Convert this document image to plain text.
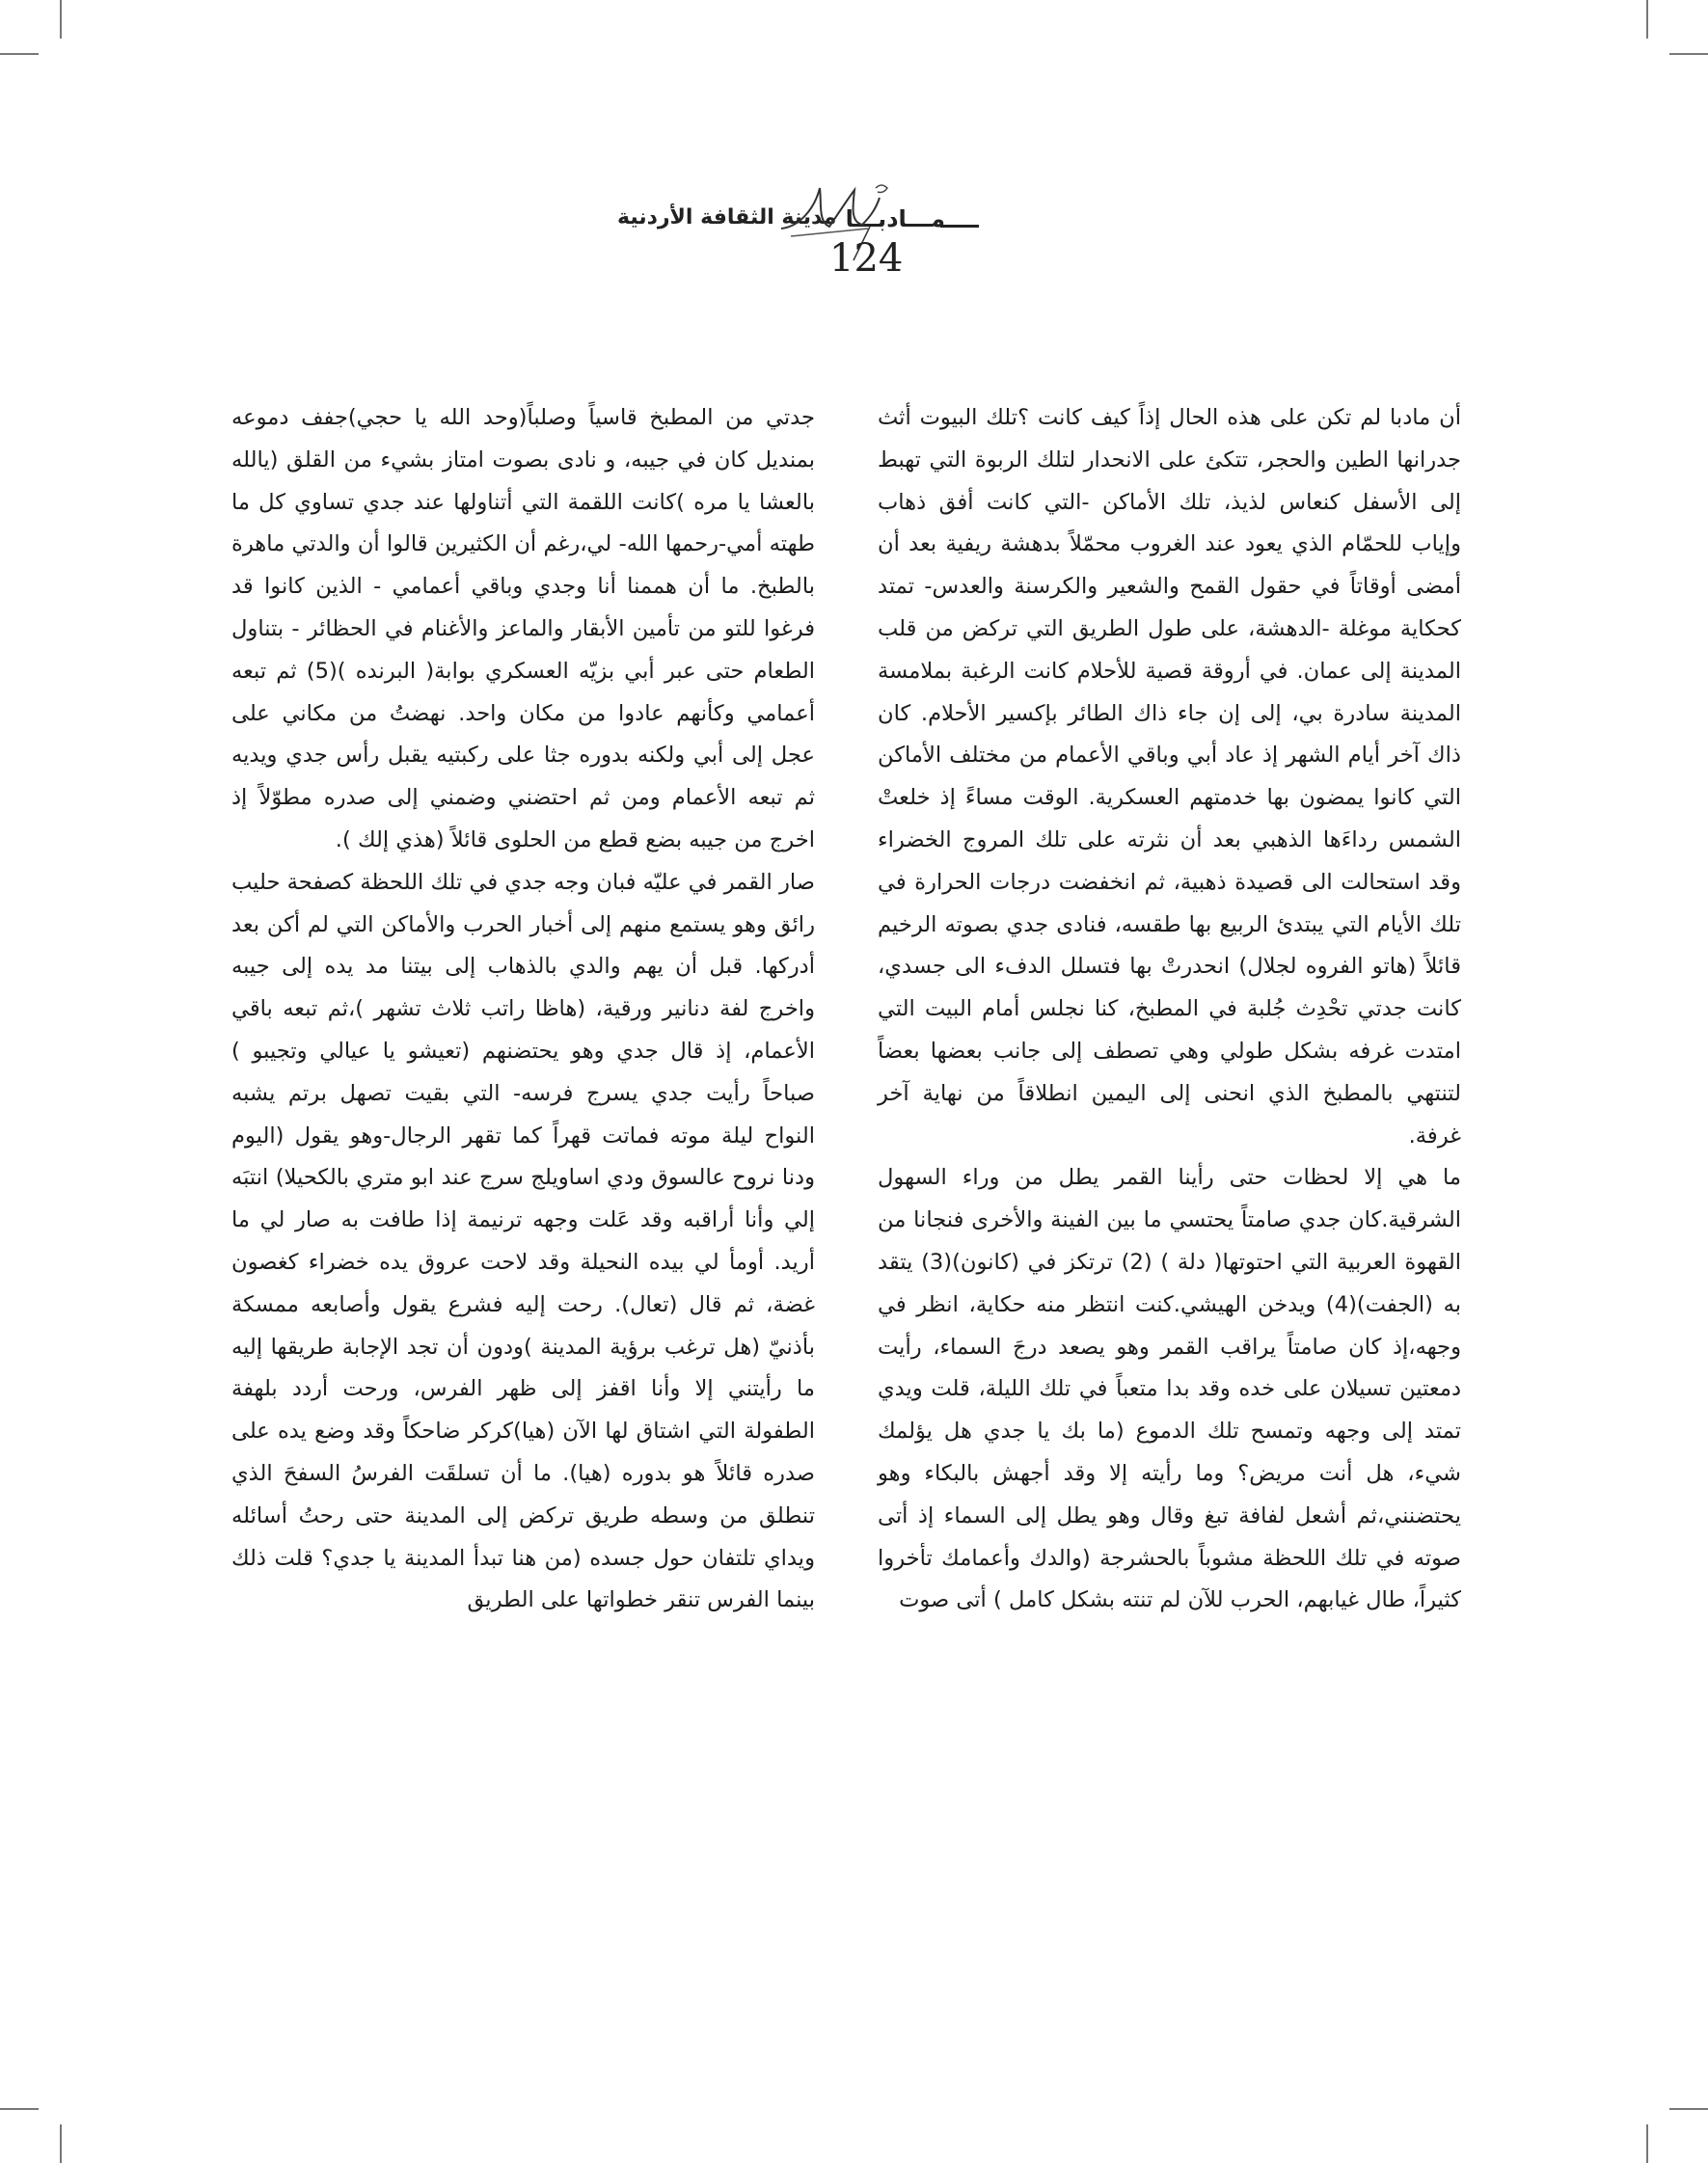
مـــادبـــا
مدينة الثقافة الأردنية
124

أن مادبا لم تكن على هذه الحال إذاً كيف كانت ؟تلك البيوت أثث جدرانها الطين والحجر، تتكئ على الانحدار لتلك الربوة التي تهبط إلى الأسفل كنعاس لذيذ، تلك الأماكن -التي كانت أفق ذهاب وإياب للحمّام الذي يعود عند الغروب محمّلاً بدهشة ريفية بعد أن أمضى أوقاتاً في حقول القمح والشعير والكرسنة والعدس- تمتد كحكاية موغلة -الدهشة، على طول الطريق التي تركض من قلب المدينة إلى عمان. في أروقة قصية للأحلام كانت الرغبة بملامسة المدينة سادرة بي، إلى إن جاء ذاك الطائر بإكسير الأحلام. كان ذاك آخر أيام الشهر إذ عاد أبي وباقي الأعمام من مختلف الأماكن التي كانوا يمضون بها خدمتهم العسكرية. الوقت مساءً إذ خلعتْ الشمس رداءَها الذهبي بعد أن نثرته على تلك المروج الخضراء وقد استحالت الى قصيدة ذهبية، ثم انخفضت درجات الحرارة في تلك الأيام التي يبتدئ الربيع بها طقسه، فنادى جدي بصوته الرخيم قائلاً (هاتو الفروه لجلال) انحدرتْ بها فتسلل الدفء الى جسدي، كانت جدتي تحْدِث جُلبة في المطبخ، كنا نجلس أمام البيت التي امتدت غرفه بشكل طولي وهي تصطف إلى جانب بعضها بعضاً لتنتهي بالمطبخ الذي انحنى إلى اليمين انطلاقاً من نهاية آخر غرفة.

ما هي إلا لحظات حتى رأينا القمر يطل من وراء السهول الشرقية.كان جدي صامتاً يحتسي ما بين الفينة والأخرى فنجانا من القهوة العربية التي احتوتها( دلة ) (2) ترتكز في (كانون)(3) يتقد به (الجفت)(4) ويدخن الهيشي.كنت انتظر منه حكاية، انظر في وجهه،إذ كان صامتاً يراقب القمر وهو يصعد درجَ السماء، رأيت دمعتين تسيلان على خده وقد بدا متعباً في تلك الليلة، قلت ويدي تمتد إلى وجهه وتمسح تلك الدموع (ما بك يا جدي هل يؤلمك شيء، هل أنت مريض؟ وما رأيته إلا وقد أجهش بالبكاء وهو يحتضنني،ثم أشعل لفافة تبغ وقال وهو يطل إلى السماء إذ أتى صوته في تلك اللحظة مشوباً بالحشرجة (والدك وأعمامك تأخروا كثيراً، طال غيابهم، الحرب للآن لم تنته بشكل كامل ) أتى صوت

جدتي من المطبخ قاسياً وصلباً(وحد الله يا حجي)جفف دموعه بمنديل كان في جيبه، و نادى بصوت امتاز بشيء من القلق (يالله بالعشا يا مره )كانت اللقمة التي أتناولها عند جدي تساوي كل ما طهته أمي-رحمها الله- لي،رغم أن الكثيرين قالوا أن والدتي ماهرة بالطبخ. ما أن هممنا أنا وجدي وباقي أعمامي - الذين كانوا قد فرغوا للتو من تأمين الأبقار والماعز والأغنام في الحظائر - بتناول الطعام حتى عبر أبي بزيّه العسكري بوابة( البرنده )(5) ثم تبعه أعمامي وكأنهم عادوا من مكان واحد. نهضتُ من مكاني على عجل إلى أبي ولكنه بدوره جثا على ركبتيه يقبل رأس جدي ويديه ثم تبعه الأعمام ومن ثم احتضني وضمني إلى صدره مطوّلاً إذ اخرج من جيبه بضع قطع من الحلوى قائلاً (هذي إلك ).

صار القمر في عليّه فبان وجه جدي في تلك اللحظة كصفحة حليب رائق وهو يستمع منهم إلى أخبار الحرب والأماكن التي لم أكن بعد أدركها. قبل أن يهم والدي بالذهاب إلى بيتنا مد يده إلى جيبه واخرج لفة دنانير ورقية، (هاظا راتب ثلاث تشهر )،ثم تبعه باقي الأعمام، إذ قال جدي وهو يحتضنهم (تعيشو يا عيالي وتجيبو ) صباحاً رأيت جدي يسرج فرسه- التي بقيت تصهل برتم يشبه النواح ليلة موته فماتت قهراً كما تقهر الرجال-وهو يقول (اليوم ودنا نروح عالسوق ودي اساويلج سرج عند ابو متري بالكحيلا) انتبَه إلي وأنا أراقبه وقد عَلت وجهه ترنيمة إذا طافت به صار لي ما أريد. أومأ لي بيده النحيلة وقد لاحت عروق يده خضراء كغصون غضة، ثم قال (تعال). رحت إليه فشرع يقول وأصابعه ممسكة بأذنيّ (هل ترغب برؤية المدينة )ودون أن تجد الإجابة طريقها إليه ما رأيتني إلا وأنا اقفز إلى ظهر الفرس، ورحت أردد بلهفة الطفولة التي اشتاق لها الآن (هيا)كركر ضاحكاً وقد وضع يده على صدره قائلاً هو بدوره (هيا). ما أن تسلقَت الفرسُ السفحَ الذي تنطلق من وسطه طريق تركض إلى المدينة حتى رحتُ أسائله ويداي تلتفان حول جسده (من هنا تبدأ المدينة يا جدي؟ قلت ذلك بينما الفرس تنقر خطواتها على الطريق
